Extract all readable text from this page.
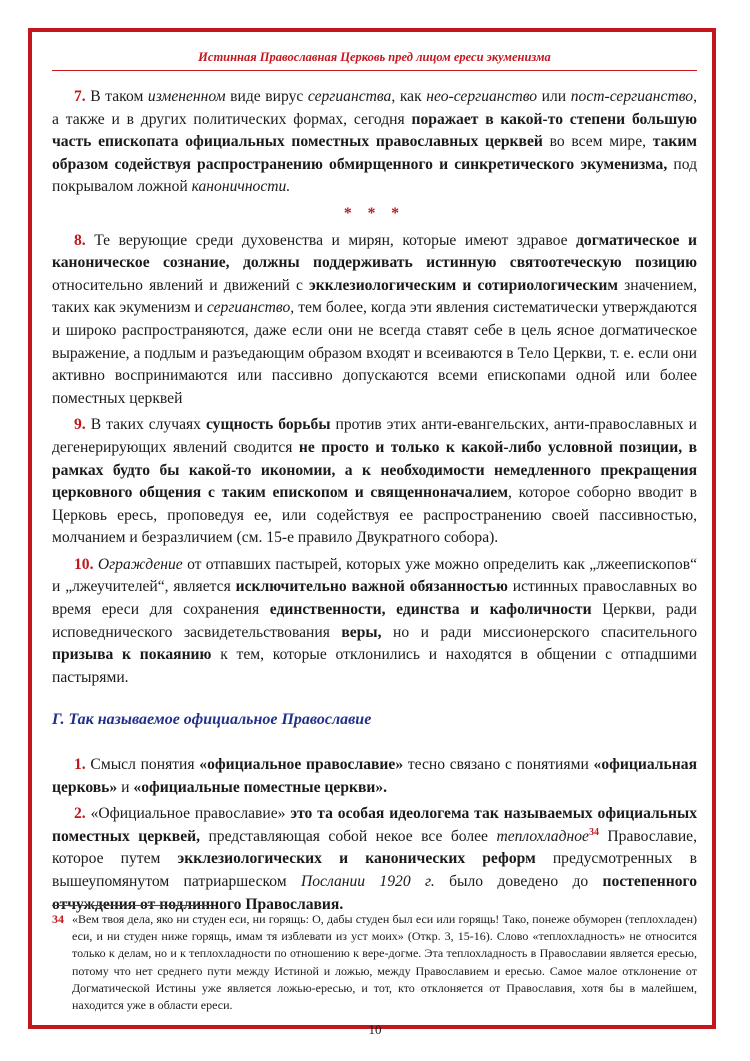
Истинная Православная Церковь пред лицом ереси экуменизма

7. В таком измененном виде вирус сергианства, как нео-сергианство или пост-сергианство, а также и в других политических формах, сегодня поражает в какой-то степени большую часть епископата официальных поместных православных церквей во всем мире, таким образом содействуя распространению обмирщенного и синкретического экуменизма, под покрывалом ложной каноничности.

* * *

8. Те верующие среди духовенства и мирян, которые имеют здравое догматическое и каноническое сознание, должны поддерживать истинную святоотеческую позицию относительно явлений и движений с экклезиологическим и сотириологическим значением, таких как экуменизм и сергианство, тем более, когда эти явления систематически утверждаются и широко распространяются, даже если они не всегда ставят себе в цель ясное догматическое выражение, а подлым и разъедающим образом входят и всеиваются в Тело Церкви, т. е. если они активно воспринимаются или пассивно допускаются всеми епископами одной или более поместных церквей

9. В таких случаях сущность борьбы против этих анти-евангельских, анти-православных и дегенерирующих явлений сводится не просто и только к какой-либо условной позиции, в рамках будто бы какой-то икономии, а к необходимости немедленного прекращения церковного общения с таким епископом и священноначалием, которое соборно вводит в Церковь ересь, проповедуя ее, или содействуя ее распространению своей пассивностью, молчанием и безразличием (см. 15-е правило Двукратного собора).

10. Ограждение от отпавших пастырей, которых уже можно определить как „лжеепископов“ и „лжеучителей“, является исключительно важной обязанностью истинных православных во время ереси для сохранения единственности, единства и кафоличности Церкви, ради исповеднического засвидетельствования веры, но и ради миссионерского спасительного призыва к покаянию к тем, которые отклонились и находятся в общении с отпадшими пастырями.

Г. Так называемое официальное Православие

1. Смысл понятия «официальное православие» тесно связано с понятиями «официальная церковь» и «официальные поместные церкви».

2. «Официальное православие» это та особая идеологема так называемых официальных поместных церквей, представляющая собой некое все более теплохладное$^{34}$ Православие, которое путем экклезиологических и канонических реформ предусмотренных в вышеупомянутом патриаршеском Послании 1920 г. было доведено до постепенного отчуждения от подлинного Православия.

34 «Вем твоя дела, яко ни студен еси, ни горящь: О, дабы студен был еси или горящь! Тако, понеже обуморен (теплохладен) еси, и ни студен ниже горящь, имам тя изблевати из уст моих» (Откр. 3, 15-16). Слово «теплохладность» не относится только к делам, но и к теплохладности по отношению к вере-догме. Эта теплохладность в Православии является ересью, потому что нет среднего пути между Истиной и ложью, между Православием и ересью. Самое малое отклонение от Догматической Истины уже является ложью-ересью, и тот, кто отклоняется от Православия, хотя бы в малейшем, находится уже в области ереси.
10
